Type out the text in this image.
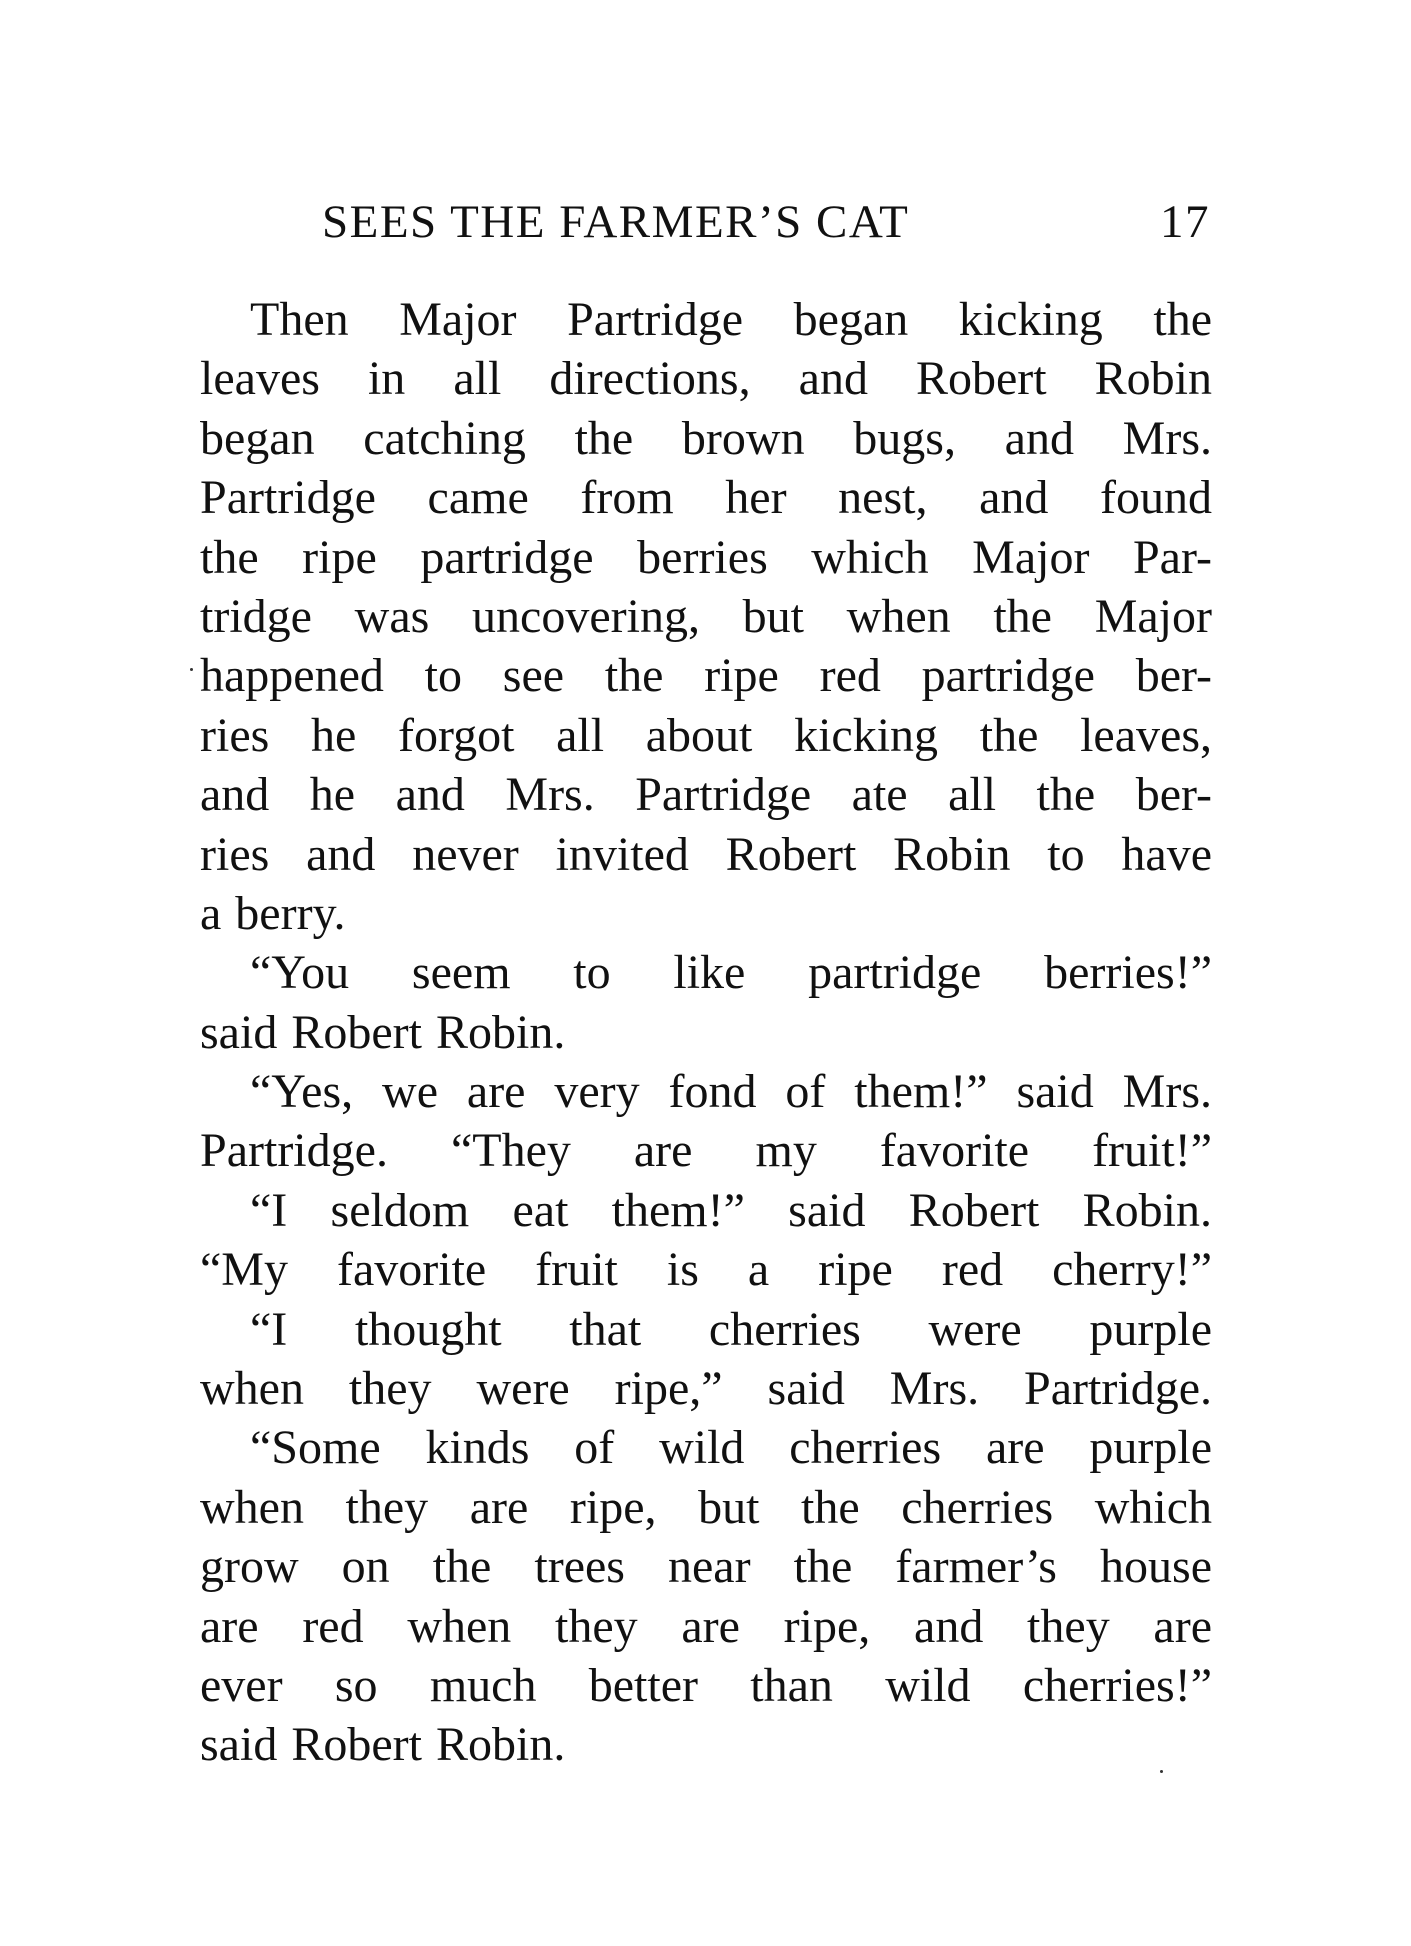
SEES THE FARMER’S CAT	17
Then Major Partridge began kicking the
leaves in all directions, and Robert Robin
began catching the brown bugs, and Mrs.
Partridge came from her nest, and found
the ripe partridge berries which Major Par-
tridge was uncovering, but when the Major
happened to see the ripe red partridge ber-
ries he forgot all about kicking the leaves,
and he and Mrs. Partridge ate all the ber-
ries and never invited Robert Robin to have
a berry.
“You seem to like partridge berries!”
said Robert Robin.
“Yes, we are very fond of them!” said Mrs.
Partridge. “They are my favorite fruit!”
“I seldom eat them!” said Robert Robin.
“My favorite fruit is a ripe red cherry!”
“I thought that cherries were purple
when they were ripe,” said Mrs. Partridge.
“Some kinds of wild cherries are purple
when they are ripe, but the cherries which
grow on the trees near the farmer’s house
are red when they are ripe, and they are
ever so much better than wild cherries!”
said Robert Robin.
